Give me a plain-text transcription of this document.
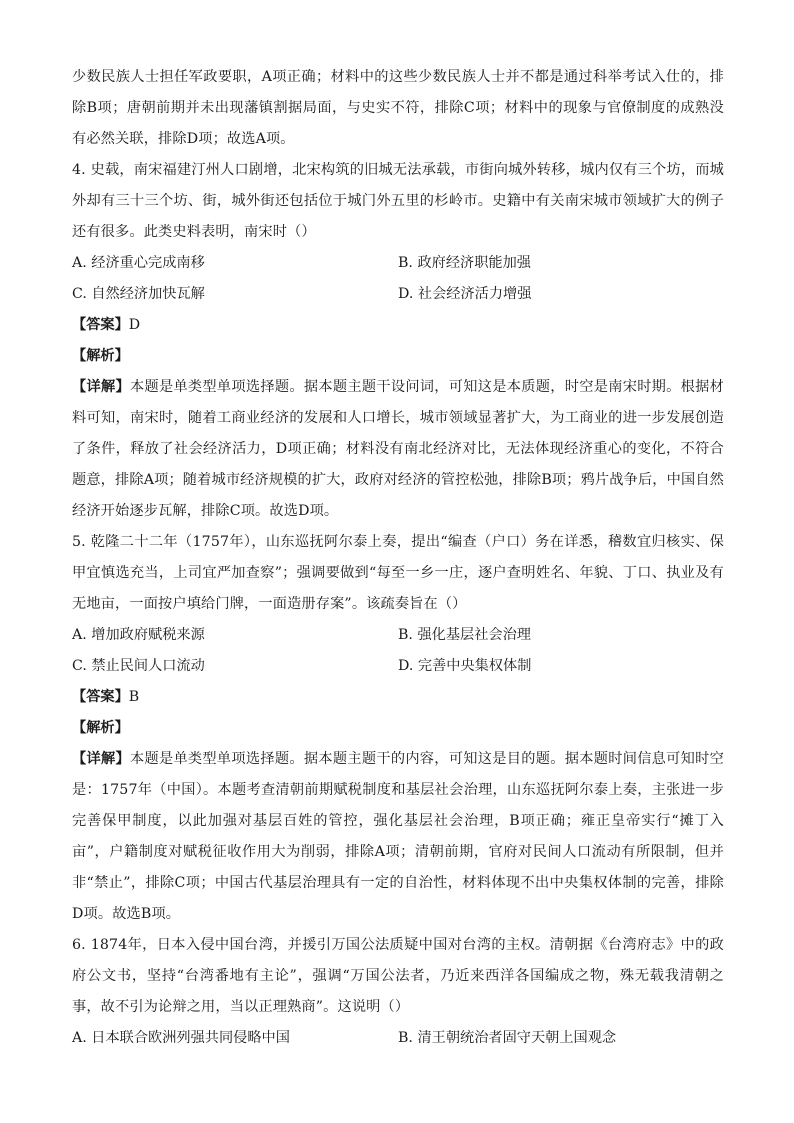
少数民族人士担任军政要职，A项正确；材料中的这些少数民族人士并不都是通过科举考试入仕的，排除B项；唐朝前期并未出现藩镇割据局面，与史实不符，排除C项；材料中的现象与官僚制度的成熟没有必然关联，排除D项；故选A项。

4. 史载，南宋福建汀州人口剧增，北宋构筑的旧城无法承载，市街向城外转移，城内仅有三个坊，而城外却有三十三个坊、街，城外街还包括位于城门外五里的杉岭市。史籍中有关南宋城市领域扩大的例子还有很多。此类史料表明，南宋时（）

A. 经济重心完成南移	B. 政府经济职能加强
C. 自然经济加快瓦解	D. 社会经济活力增强
【答案】D
【解析】

【详解】本题是单类型单项选择题。据本题主题干设问词，可知这是本质题，时空是南宋时期。根据材料可知，南宋时，随着工商业经济的发展和人口增长，城市领域显著扩大，为工商业的进一步发展创造了条件，释放了社会经济活力，D项正确；材料没有南北经济对比，无法体现经济重心的变化，不符合题意，排除A项；随着城市经济规模的扩大，政府对经济的管控松弛，排除B项；鸦片战争后，中国自然经济开始逐步瓦解，排除C项。故选D项。

5. 乾隆二十二年（1757年），山东巡抚阿尔泰上奏，提出“编查（户口）务在详悉，稽数宜归核实、保甲宜慎选充当，上司宜严加查察”；强调要做到“每至一乡一庄，逐户查明姓名、年貌、丁口、执业及有无地亩，一面按户填给门牌，一面造册存案”。该疏奏旨在（）

A. 增加政府赋税来源	B. 强化基层社会治理
C. 禁止民间人口流动	D. 完善中央集权体制
【答案】B
【解析】

【详解】本题是单类型单项选择题。据本题主题干的内容，可知这是目的题。据本题时间信息可知时空是：1757年（中国）。本题考查清朝前期赋税制度和基层社会治理，山东巡抚阿尔泰上奏，主张进一步完善保甲制度，以此加强对基层百姓的管控，强化基层社会治理，B项正确；雍正皇帝实行“摊丁入亩”，户籍制度对赋税征收作用大为削弱，排除A项；清朝前期，官府对民间人口流动有所限制，但并非“禁止”，排除C项；中国古代基层治理具有一定的自治性，材料体现不出中央集权体制的完善，排除D项。故选B项。

6. 1874年，日本入侵中国台湾，并援引万国公法质疑中国对台湾的主权。清朝据《台湾府志》中的政府公文书，坚持“台湾番地有主论”，强调“万国公法者，乃近来西洋各国编成之物，殊无载我清朝之事，故不引为论辩之用，当以正理熟商”。这说明（）

A. 日本联合欧洲列强共同侵略中国	B. 清王朝统治者固守天朝上国观念
